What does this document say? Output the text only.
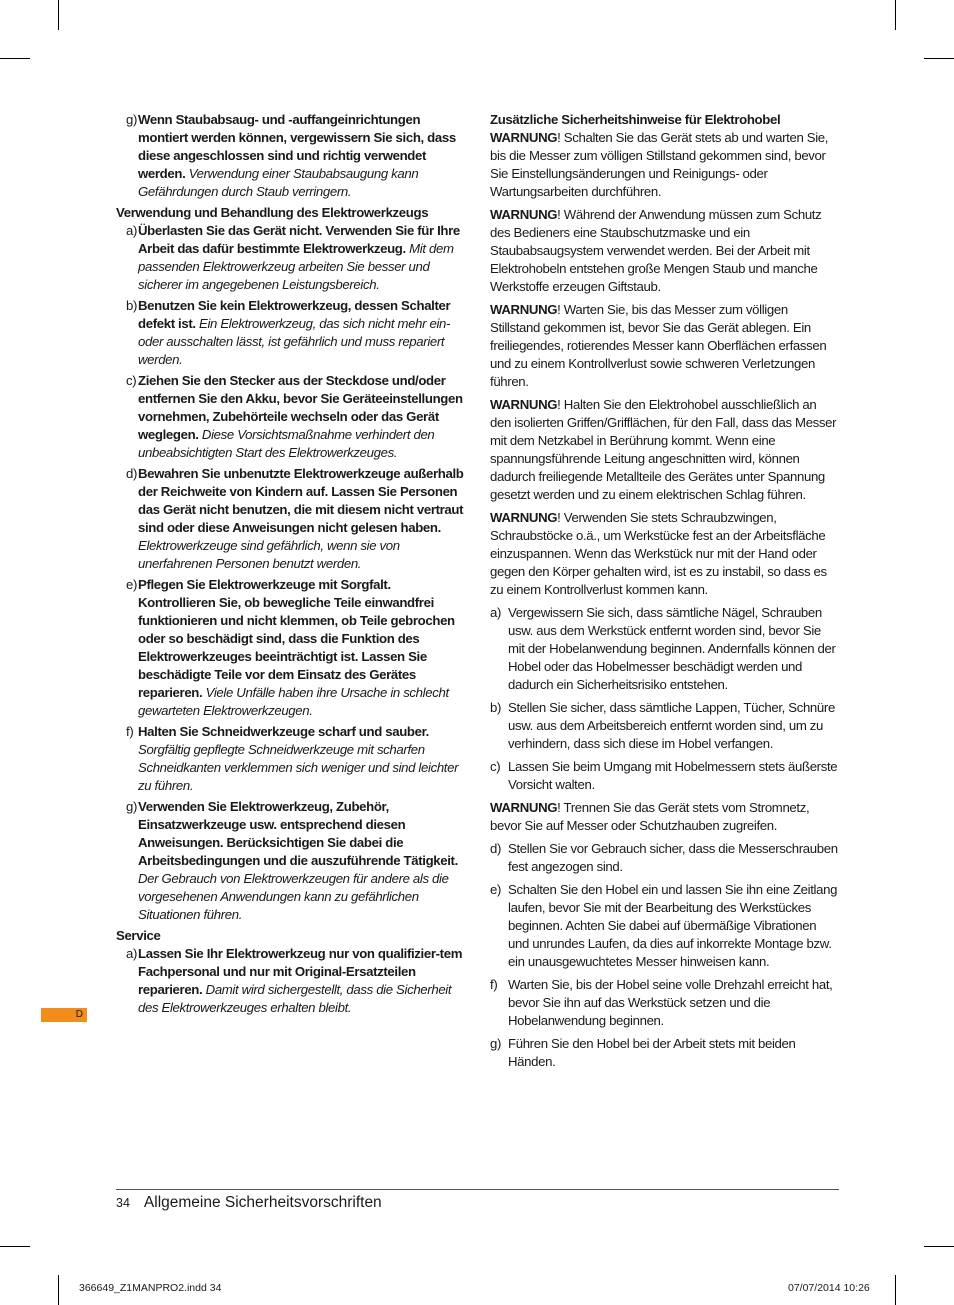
g) Wenn Staubabsaug- und -auffangeinrichtungen montiert werden können, vergewissern Sie sich, dass diese angeschlossen sind und richtig verwendet werden. Verwendung einer Staubabsaugung kann Gefährdungen durch Staub verringern.

Verwendung und Behandlung des Elektrowerkzeugs

a) Überlasten Sie das Gerät nicht. Verwenden Sie für Ihre Arbeit das dafür bestimmte Elektrowerkzeug. Mit dem passenden Elektrowerkzeug arbeiten Sie besser und sicherer im angegebenen Leistungsbereich.
b) Benutzen Sie kein Elektrowerkzeug, dessen Schalter defekt ist. Ein Elektrowerkzeug, das sich nicht mehr ein- oder ausschalten lässt, ist gefährlich und muss repariert werden.
c) Ziehen Sie den Stecker aus der Steckdose und/oder entfernen Sie den Akku, bevor Sie Geräteeinstellungen vornehmen, Zubehörteile wechseln oder das Gerät weglegen. Diese Vorsichtsmaßnahme verhindert den unbeabsichtigten Start des Elektrowerkzeuges.
d) Bewahren Sie unbenutzte Elektrowerkzeuge außerhalb der Reichweite von Kindern auf. Lassen Sie Personen das Gerät nicht benutzen, die mit diesem nicht vertraut sind oder diese Anweisungen nicht gelesen haben. Elektrowerkzeuge sind gefährlich, wenn sie von unerfahrenen Personen benutzt werden.
e) Pflegen Sie Elektrowerkzeuge mit Sorgfalt. Kontrollieren Sie, ob bewegliche Teile einwandfrei funktionieren und nicht klemmen, ob Teile gebrochen oder so beschädigt sind, dass die Funktion des Elektrowerkzeuges beeinträchtigt ist. Lassen Sie beschädigte Teile vor dem Einsatz des Gerätes reparieren. Viele Unfälle haben ihre Ursache in schlecht gewarteten Elektrowerkzeugen.
f) Halten Sie Schneidwerkzeuge scharf und sauber. Sorgfältig gepflegte Schneidwerkzeuge mit scharfen Schneidkanten verklemmen sich weniger und sind leichter zu führen.
g) Verwenden Sie Elektrowerkzeug, Zubehör, Einsatzwerkzeuge usw. entsprechend diesen Anweisungen. Berücksichtigen Sie dabei die Arbeitsbedingungen und die auszuführende Tätigkeit. Der Gebrauch von Elektrowerkzeugen für andere als die vorgesehenen Anwendungen kann zu gefährlichen Situationen führen.

Service

a) Lassen Sie Ihr Elektrowerkzeug nur von qualifizier-tem Fachpersonal und nur mit Original-Ersatzteilen reparieren. Damit wird sichergestellt, dass die Sicherheit des Elektrowerkzeuges erhalten bleibt.

Zusätzliche Sicherheitshinweise für Elektrohobel

WARNUNG! Schalten Sie das Gerät stets ab und warten Sie, bis die Messer zum völligen Stillstand gekommen sind, bevor Sie Einstellungsänderungen und Reinigungs- oder Wartungsarbeiten durchführen.

WARNUNG! Während der Anwendung müssen zum Schutz des Bedieners eine Staubschutzmaske und ein Staubabsaugsystem verwendet werden. Bei der Arbeit mit Elektrohobeln entstehen große Mengen Staub und manche Werkstoffe erzeugen Giftstaub.

WARNUNG! Warten Sie, bis das Messer zum völligen Stillstand gekommen ist, bevor Sie das Gerät ablegen. Ein freiliegendes, rotierendes Messer kann Oberflächen erfassen und zu einem Kontrollverlust sowie schweren Verletzungen führen.

WARNUNG! Halten Sie den Elektrohobel ausschließlich an den isolierten Griffen/Grifflächen, für den Fall, dass das Messer mit dem Netzkabel in Berührung kommt. Wenn eine spannungsführende Leitung angeschnitten wird, können dadurch freiliegende Metallteile des Gerätes unter Spannung gesetzt werden und zu einem elektrischen Schlag führen.

WARNUNG! Verwenden Sie stets Schraubzwingen, Schraubstöcke o.ä., um Werkstücke fest an der Arbeitsfläche einzuspannen. Wenn das Werkstück nur mit der Hand oder gegen den Körper gehalten wird, ist es zu instabil, so dass es zu einem Kontrollverlust kommen kann.

a) Vergewissern Sie sich, dass sämtliche Nägel, Schrauben usw. aus dem Werkstück entfernt worden sind, bevor Sie mit der Hobelanwendung beginnen. Andernfalls können der Hobel oder das Hobelmesser beschädigt werden und dadurch ein Sicherheitsrisiko entstehen.
b) Stellen Sie sicher, dass sämtliche Lappen, Tücher, Schnüre usw. aus dem Arbeitsbereich entfernt worden sind, um zu verhindern, dass sich diese im Hobel verfangen.
c) Lassen Sie beim Umgang mit Hobelmessern stets äußerste Vorsicht walten.

WARNUNG! Trennen Sie das Gerät stets vom Stromnetz, bevor Sie auf Messer oder Schutzhauben zugreifen.

d) Stellen Sie vor Gebrauch sicher, dass die Messerschrauben fest angezogen sind.
e) Schalten Sie den Hobel ein und lassen Sie ihn eine Zeitlang laufen, bevor Sie mit der Bearbeitung des Werkstückes beginnen. Achten Sie dabei auf übermäßige Vibrationen und unrundes Laufen, da dies auf inkorrekte Montage bzw. ein unausgewuchtetes Messer hinweisen kann.
f) Warten Sie, bis der Hobel seine volle Drehzahl erreicht hat, bevor Sie ihn auf das Werkstück setzen und die Hobelanwendung beginnen.
g) Führen Sie den Hobel bei der Arbeit stets mit beiden Händen.
D
34 Allgemeine Sicherheitsvorschriften
366649_Z1MANPRO2.indd 34	07/07/2014 10:26
